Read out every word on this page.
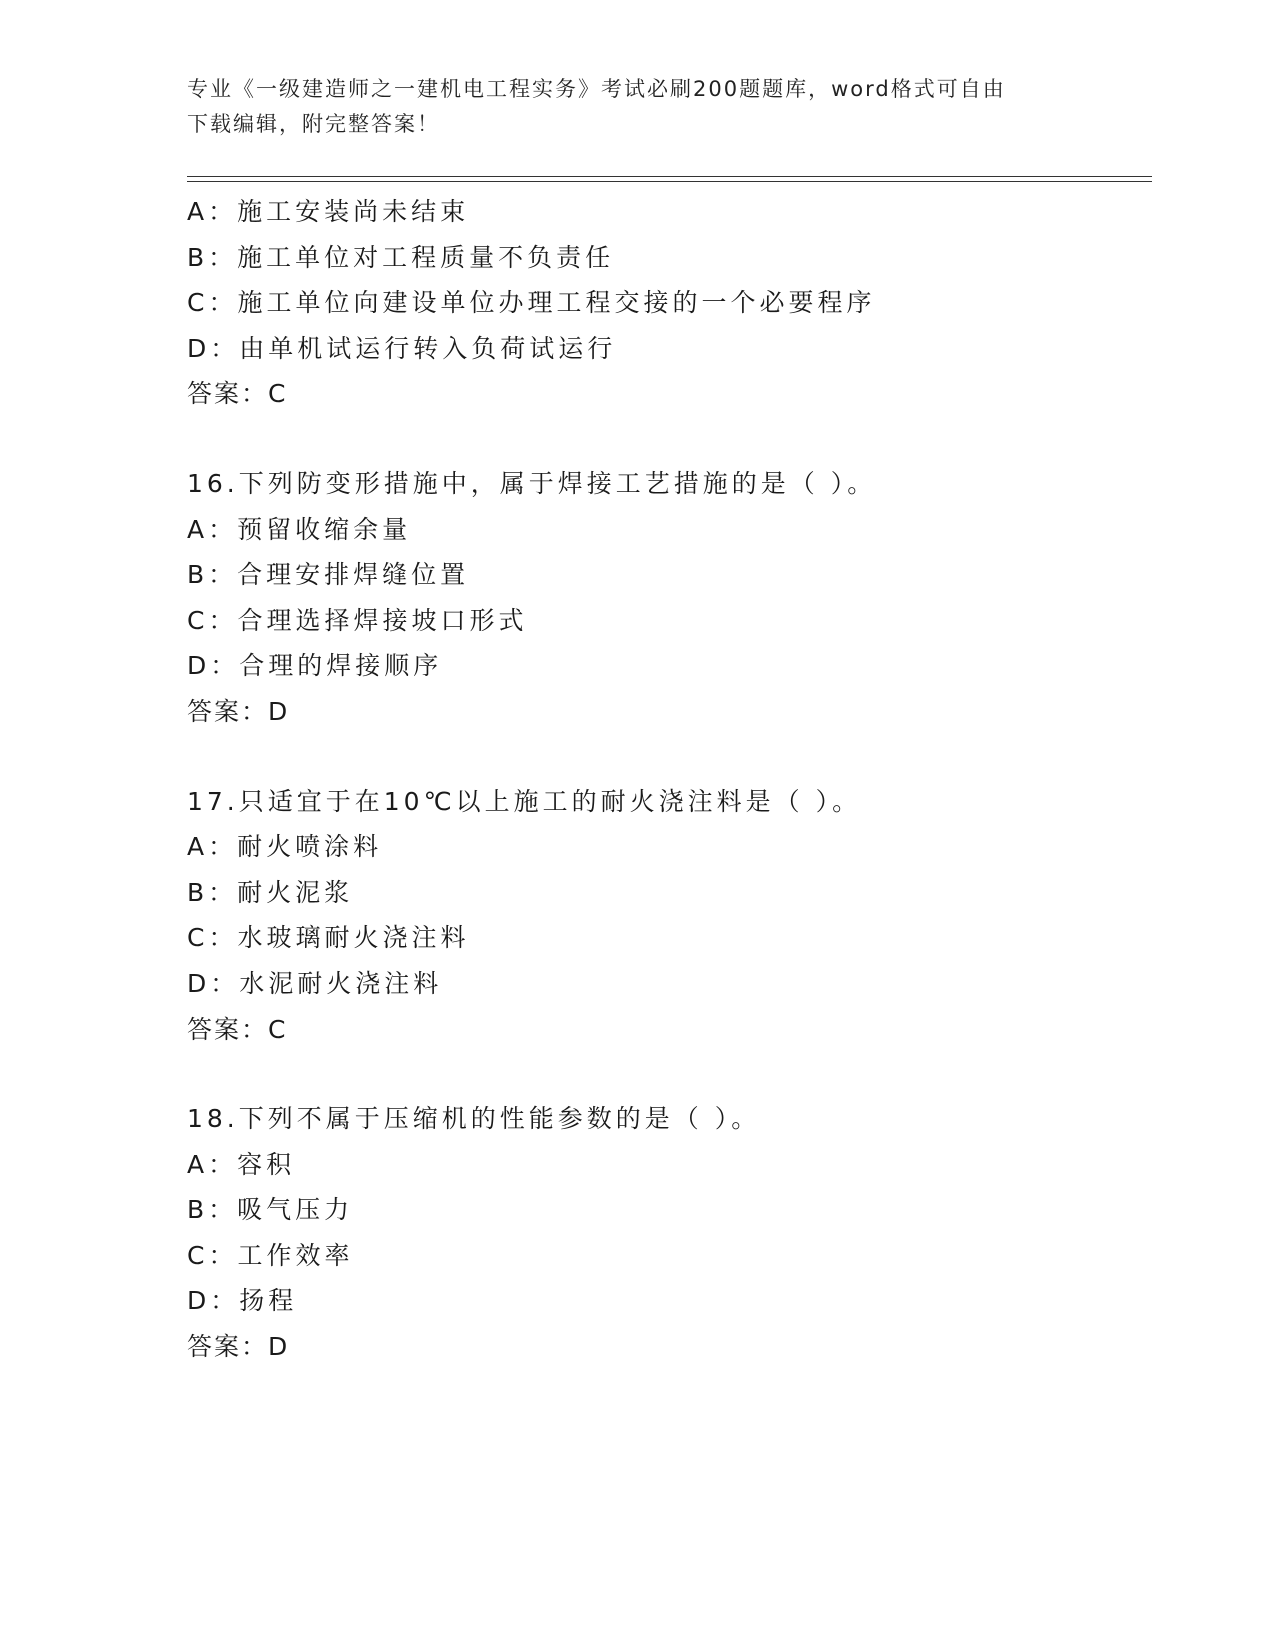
专业《一级建造师之一建机电工程实务》考试必刷200题题库，word格式可自由
下载编辑，附完整答案！
A：施工安装尚未结束
B：施工单位对工程质量不负责任
C：施工单位向建设单位办理工程交接的一个必要程序
D：由单机试运行转入负荷试运行
答案：C
16.下列防变形措施中，属于焊接工艺措施的是（ ）。
A：预留收缩余量
B：合理安排焊缝位置
C：合理选择焊接坡口形式
D：合理的焊接顺序
答案：D
17.只适宜于在10℃以上施工的耐火浇注料是（ ）。
A：耐火喷涂料
B：耐火泥浆
C：水玻璃耐火浇注料
D：水泥耐火浇注料
答案：C
18.下列不属于压缩机的性能参数的是（ ）。
A：容积
B：吸气压力
C：工作效率
D：扬程
答案：D
